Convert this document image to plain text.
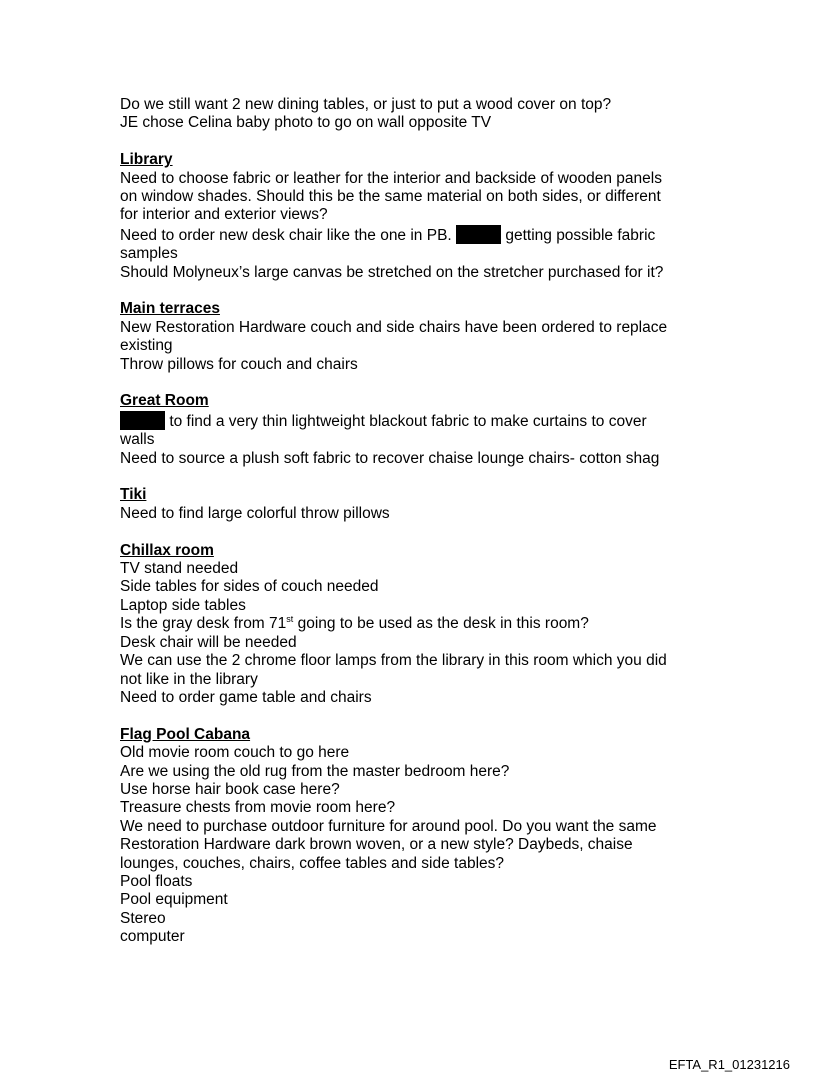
Do we still want 2 new dining tables, or just to put a wood cover on top?

JE chose Celina baby photo to go on wall opposite TV

Library

Need to choose fabric or leather for the interior and backside of wooden panels

on window shades. Should this be the same material on both sides, or different

for interior and exterior views?

Need to order new desk chair like the one in PB.	getting possible fabric

samples

Should Molyneux’s large canvas be stretched on the stretcher purchased for it?

Main terraces

New Restoration Hardware couch and side chairs have been ordered to replace

existing

Throw pillows for couch and chairs

Great Room

to find a very thin lightweight blackout fabric to make curtains to cover

walls

Need to source a plush soft fabric to recover chaise lounge chairs- cotton shag

Tiki

Need to find large colorful throw pillows

Chillax room

TV stand needed

Side tables for sides of couch needed

Laptop side tables

Is the gray desk from 71st going to be used as the desk in this room?

Desk chair will be needed

We can use the 2 chrome floor lamps from the library in this room which you did

not like in the library

Need to order game table and chairs

Flag Pool Cabana

Old movie room couch to go here

Are we using the old rug from the master bedroom here?

Use horse hair book case here?

Treasure chests from movie room here?

We need to purchase outdoor furniture for around pool. Do you want the same

Restoration Hardware dark brown woven, or a new style? Daybeds, chaise

lounges, couches, chairs, coffee tables and side tables?

Pool floats

Pool equipment

Stereo

computer

EFTA_R1_01231216
